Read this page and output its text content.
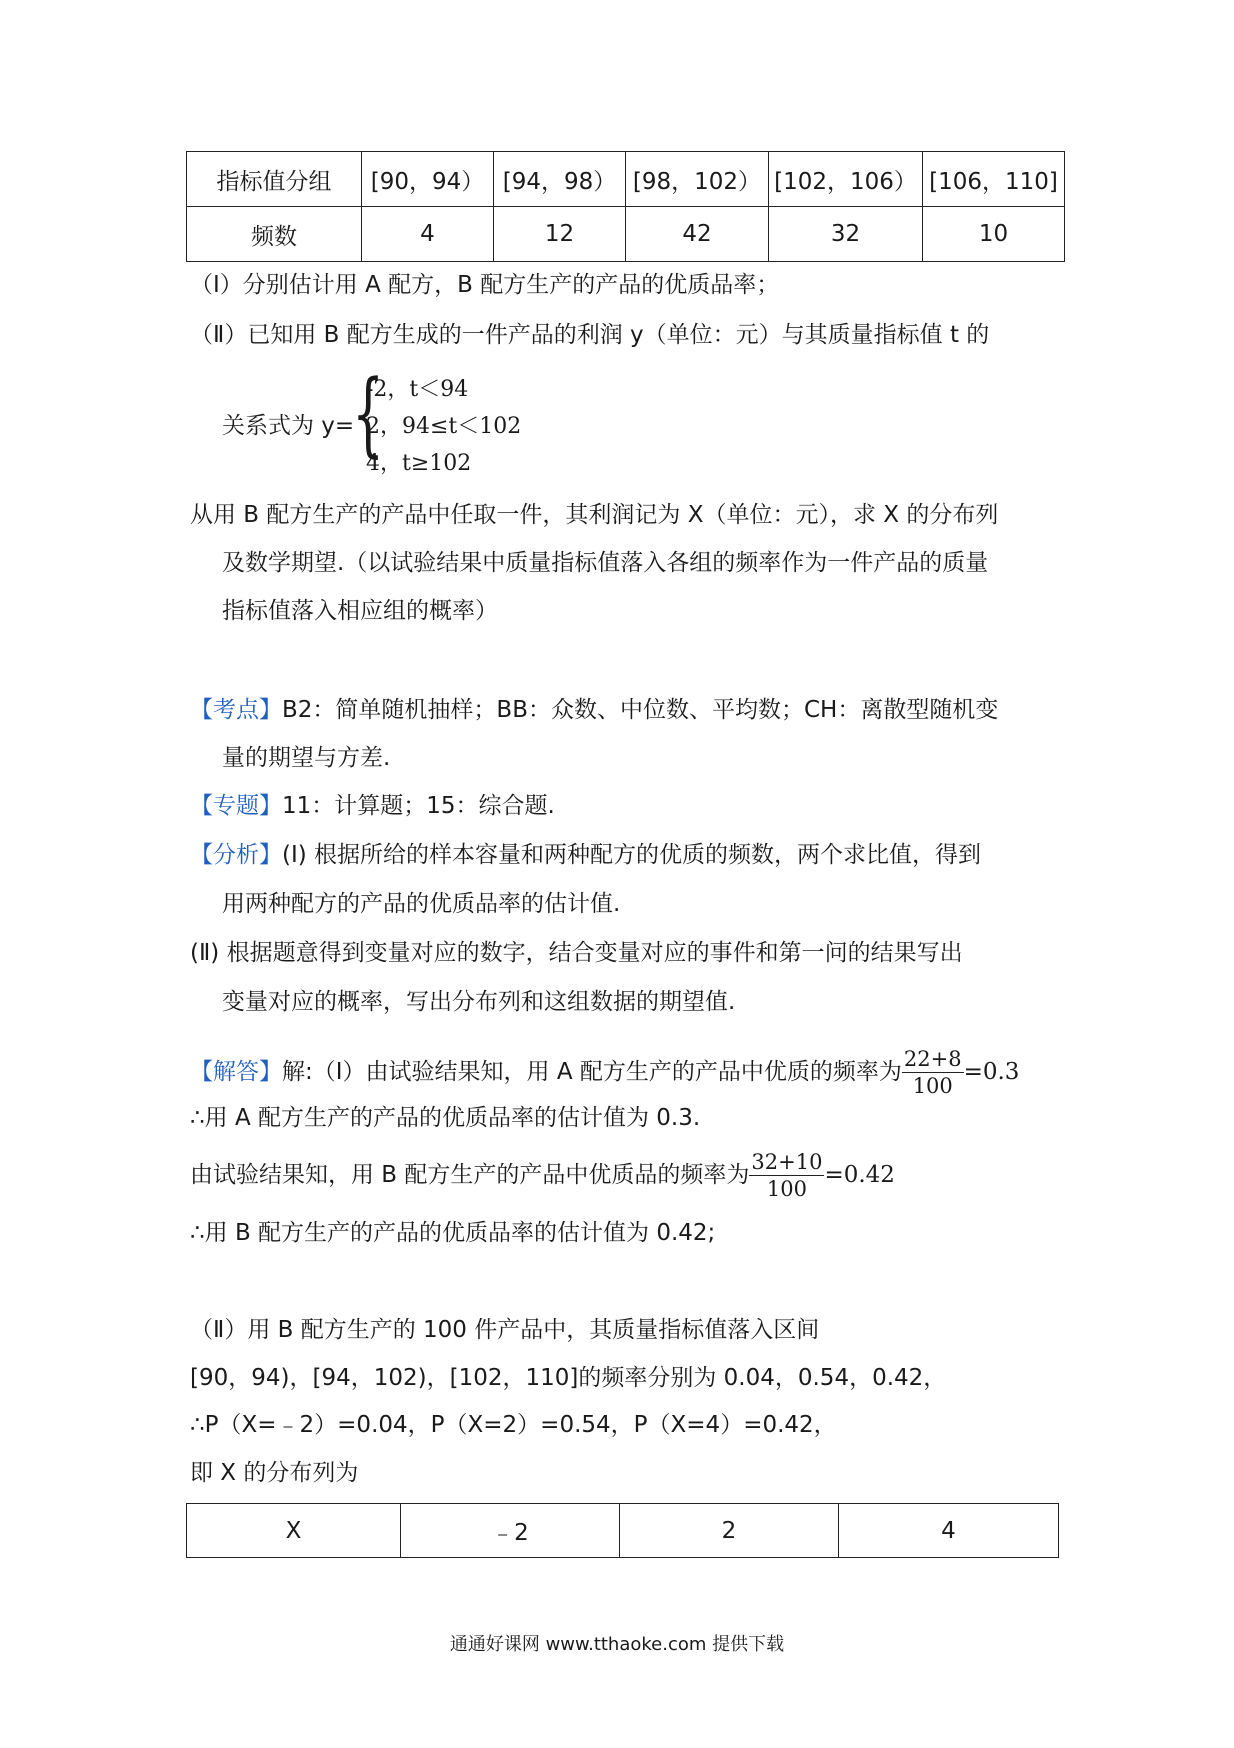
指标值分组	[90，94）	[94，98）	[98，102）	[102，106）	[106，110]
频数	4	12	42	32	10
（Ⅰ）分别估计用 A 配方，B 配方生产的产品的优质品率；
（Ⅱ）已知用 B 配方生成的一件产品的利润 y（单位：元）与其质量指标值 t 的
关系式为 y=
{
-2，t＜94
2，94≤t＜102
4，t≥102
从用 B 配方生产的产品中任取一件，其利润记为 X（单位：元），求 X 的分布列
及数学期望.（以试验结果中质量指标值落入各组的频率作为一件产品的质量
指标值落入相应组的概率）
【考点】B2：简单随机抽样；BB：众数、中位数、平均数；CH：离散型随机变
量的期望与方差.
【专题】11：计算题；15：综合题.
【分析】(Ⅰ) 根据所给的样本容量和两种配方的优质的频数，两个求比值，得到
用两种配方的产品的优质品率的估计值.
(Ⅱ) 根据题意得到变量对应的数字，结合变量对应的事件和第一问的结果写出
变量对应的概率，写出分布列和这组数据的期望值.
【解答】解:（Ⅰ）由试验结果知，用 A 配方生产的产品中优质的频率为 $\frac{22+8}{100} =0.3$
∴用 A 配方生产的产品的优质品率的估计值为 0.3.
由试验结果知，用 B 配方生产的产品中优质品的频率为 $\frac{32+10}{100} =0.42$
∴用 B 配方生产的产品的优质品率的估计值为 0.42;
（Ⅱ）用 B 配方生产的 100 件产品中，其质量指标值落入区间
[90，94)，[94，102)，[102，110]的频率分别为 0.04，0.54，0.42，
∴P（X=﹣2）=0.04，P（X=2）=0.54，P（X=4）=0.42，
即 X 的分布列为
X	﹣2	2	4
通通好课网 www.tthaoke.com 提供下载
